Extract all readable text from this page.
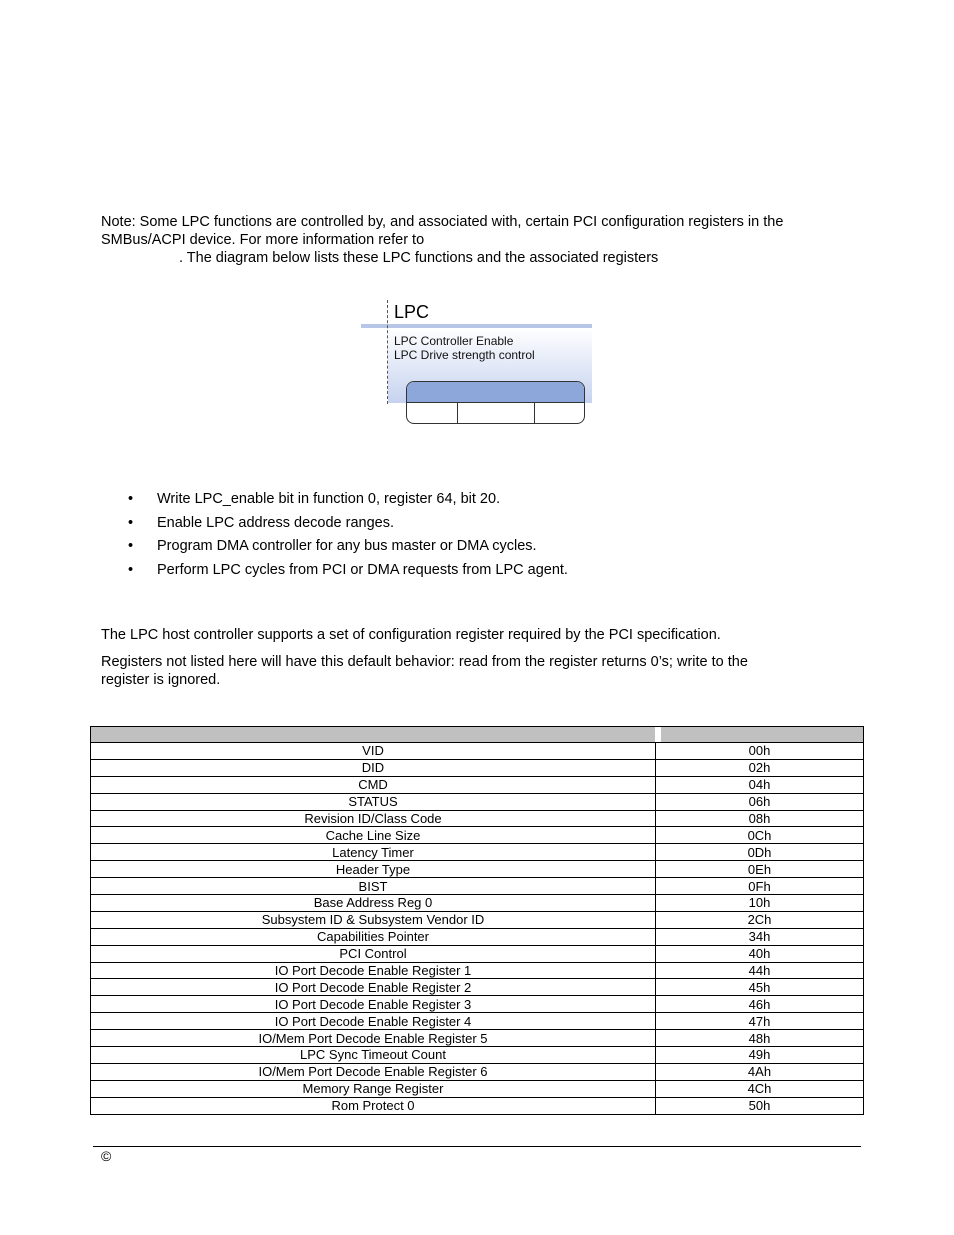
Note: Some LPC functions are controlled by, and associated with, certain PCI configuration registers in the
SMBus/ACPI device. For more information refer to
. The diagram below lists these LPC functions and the associated registers
LPC
LPC Controller Enable
LPC Drive strength control
• Write LPC_enable bit in function 0, register 64, bit 20.
• Enable LPC address decode ranges.
• Program DMA controller for any bus master or DMA cycles.
• Perform LPC cycles from PCI or DMA requests from LPC agent.
The LPC host controller supports a set of configuration register required by the PCI specification.
Registers not listed here will have this default behavior: read from the register returns 0’s; write to the
register is ignored.

VID	00h
DID	02h
CMD	04h
STATUS	06h
Revision ID/Class Code	08h
Cache Line Size	0Ch
Latency Timer	0Dh
Header Type	0Eh
BIST	0Fh
Base Address Reg 0	10h
Subsystem ID & Subsystem Vendor ID	2Ch
Capabilities Pointer	34h
PCI Control	40h
IO Port Decode Enable Register 1	44h
IO Port Decode Enable Register 2	45h
IO Port Decode Enable Register 3	46h
IO Port Decode Enable Register 4	47h
IO/Mem Port Decode Enable Register 5	48h
LPC Sync Timeout Count	49h
IO/Mem Port Decode Enable Register 6	4Ah
Memory Range Register	4Ch
Rom Protect 0	50h
©
